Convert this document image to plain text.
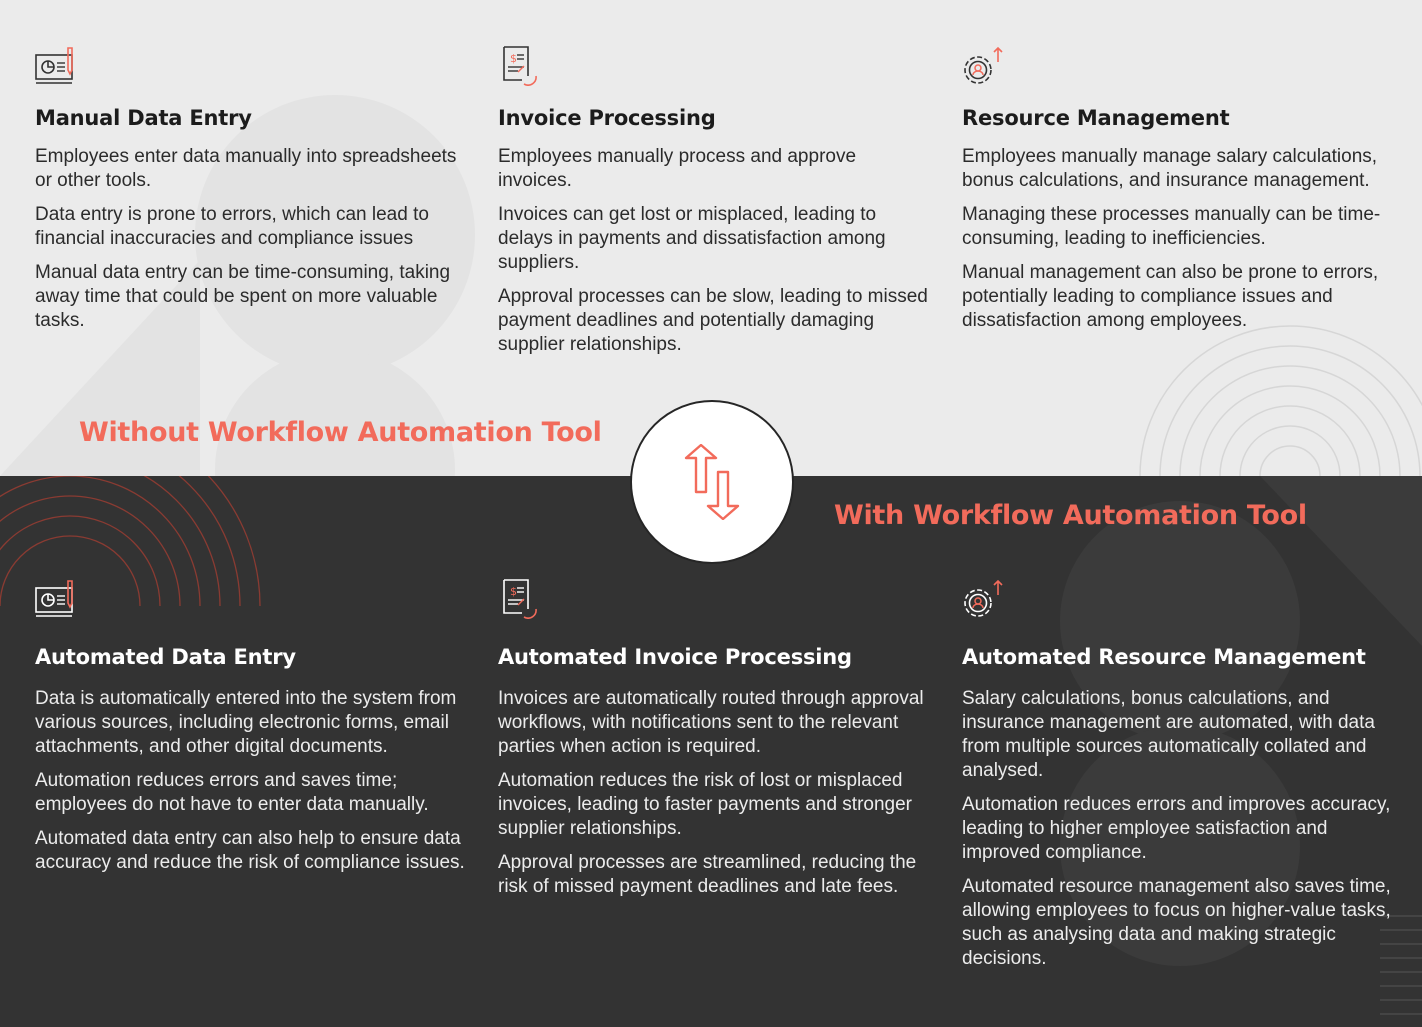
Manual Data Entry

Employees enter data manually into spreadsheets or other tools.

Data entry is prone to errors, which can lead to financial inaccuracies and compliance issues

Manual data entry can be time-consuming, taking away time that could be spent on more valuable tasks.

$
Invoice Processing

Employees manually process and approve invoices.

Invoices can get lost or misplaced, leading to delays in payments and dissatisfaction among suppliers.

Approval processes can be slow, leading to missed payment deadlines and potentially damaging supplier relationships.

Resource Management

Employees manually manage salary calculations, bonus calculations, and insurance management.

Managing these processes manually can be time-consuming, leading to inefficiencies.

Manual management can also be prone to errors, potentially leading to compliance issues and dissatisfaction among employees.

Without Workflow Automation Tool
Automated Data Entry

Data is automatically entered into the system from various sources, including electronic forms, email attachments, and other digital documents.

Automation reduces errors and saves time; employees do not have to enter data manually.

Automated data entry can also help to ensure data accuracy and reduce the risk of compliance issues.

$
Automated Invoice Processing

Invoices are automatically routed through approval workflows, with notifications sent to the relevant parties when action is required.

Automation reduces the risk of lost or misplaced invoices, leading to faster payments and stronger supplier relationships.

Approval processes are streamlined, reducing the risk of missed payment deadlines and late fees.

Automated Resource Management

Salary calculations, bonus calculations, and insurance management are automated, with data from multiple sources automatically collated and analysed.

Automation reduces errors and improves accuracy, leading to higher employee satisfaction and improved compliance.

Automated resource management also saves time, allowing employees to focus on higher-value tasks, such as analysing data and making strategic decisions.

With Workflow Automation Tool
